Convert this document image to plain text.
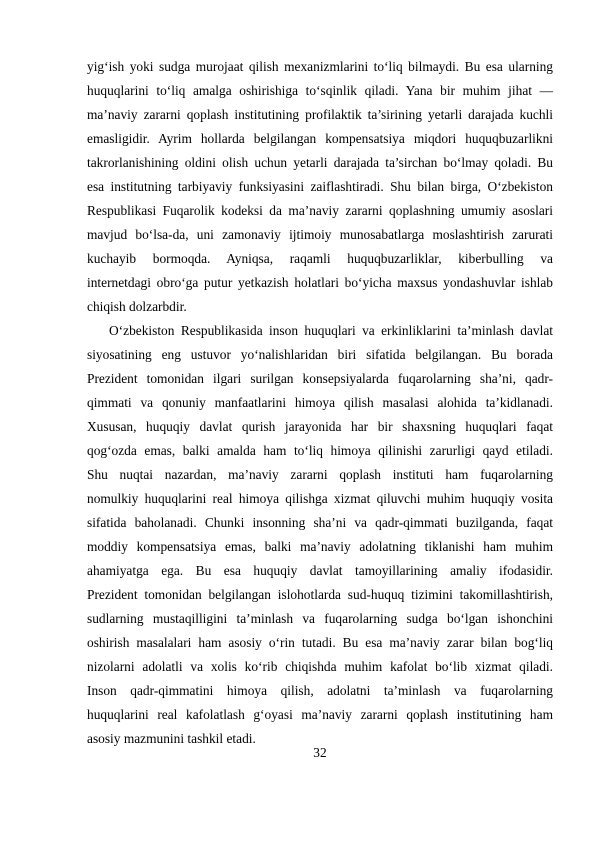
yig‘ish yoki sudga murojaat qilish mexanizmlarini to‘liq bilmaydi. Bu esa ularning
huquqlarini to‘liq amalga oshirishiga to‘sqinlik qiladi. Yana bir muhim jihat —
ma’naviy zararni qoplash institutining profilaktik ta’sirining yetarli darajada kuchli
emasligidir. Ayrim hollarda belgilangan kompensatsiya miqdori huquqbuzarlikni
takrorlanishining oldini olish uchun yetarli darajada ta’sirchan bo‘lmay qoladi. Bu
esa institutning tarbiyaviy funksiyasini zaiflashtiradi. Shu bilan birga, O‘zbekiston
Respublikasi Fuqarolik kodeksi da ma’naviy zararni qoplashning umumiy asoslari
mavjud bo‘lsa-da, uni zamonaviy ijtimoiy munosabatlarga moslashtirish zarurati
kuchayib bormoqda. Ayniqsa, raqamli huquqbuzarliklar, kiberbulling va
internetdagi obro‘ga putur yetkazish holatlari bo‘yicha maxsus yondashuvlar ishlab
chiqish dolzarbdir.
O‘zbekiston Respublikasida inson huquqlari va erkinliklarini ta’minlash davlat
siyosatining eng ustuvor yo‘nalishlaridan biri sifatida belgilangan. Bu borada
Prezident tomonidan ilgari surilgan konsepsiyalarda fuqarolarning sha’ni, qadr-
qimmati va qonuniy manfaatlarini himoya qilish masalasi alohida ta’kidlanadi.
Xususan, huquqiy davlat qurish jarayonida har bir shaxsning huquqlari faqat
qog‘ozda emas, balki amalda ham to‘liq himoya qilinishi zarurligi qayd etiladi.
Shu nuqtai nazardan, ma’naviy zararni qoplash instituti ham fuqarolarning
nomulkiy huquqlarini real himoya qilishga xizmat qiluvchi muhim huquqiy vosita
sifatida baholanadi. Chunki insonning sha’ni va qadr-qimmati buzilganda, faqat
moddiy kompensatsiya emas, balki ma’naviy adolatning tiklanishi ham muhim
ahamiyatga ega. Bu esa huquqiy davlat tamoyillarining amaliy ifodasidir.
Prezident tomonidan belgilangan islohotlarda sud-huquq tizimini takomillashtirish,
sudlarning mustaqilligini ta’minlash va fuqarolarning sudga bo‘lgan ishonchini
oshirish masalalari ham asosiy o‘rin tutadi. Bu esa ma’naviy zarar bilan bog‘liq
nizolarni adolatli va xolis ko‘rib chiqishda muhim kafolat bo‘lib xizmat qiladi.
Inson qadr-qimmatini himoya qilish, adolatni ta’minlash va fuqarolarning
huquqlarini real kafolatlash g‘oyasi ma’naviy zararni qoplash institutining ham
asosiy mazmunini tashkil etadi.
32
